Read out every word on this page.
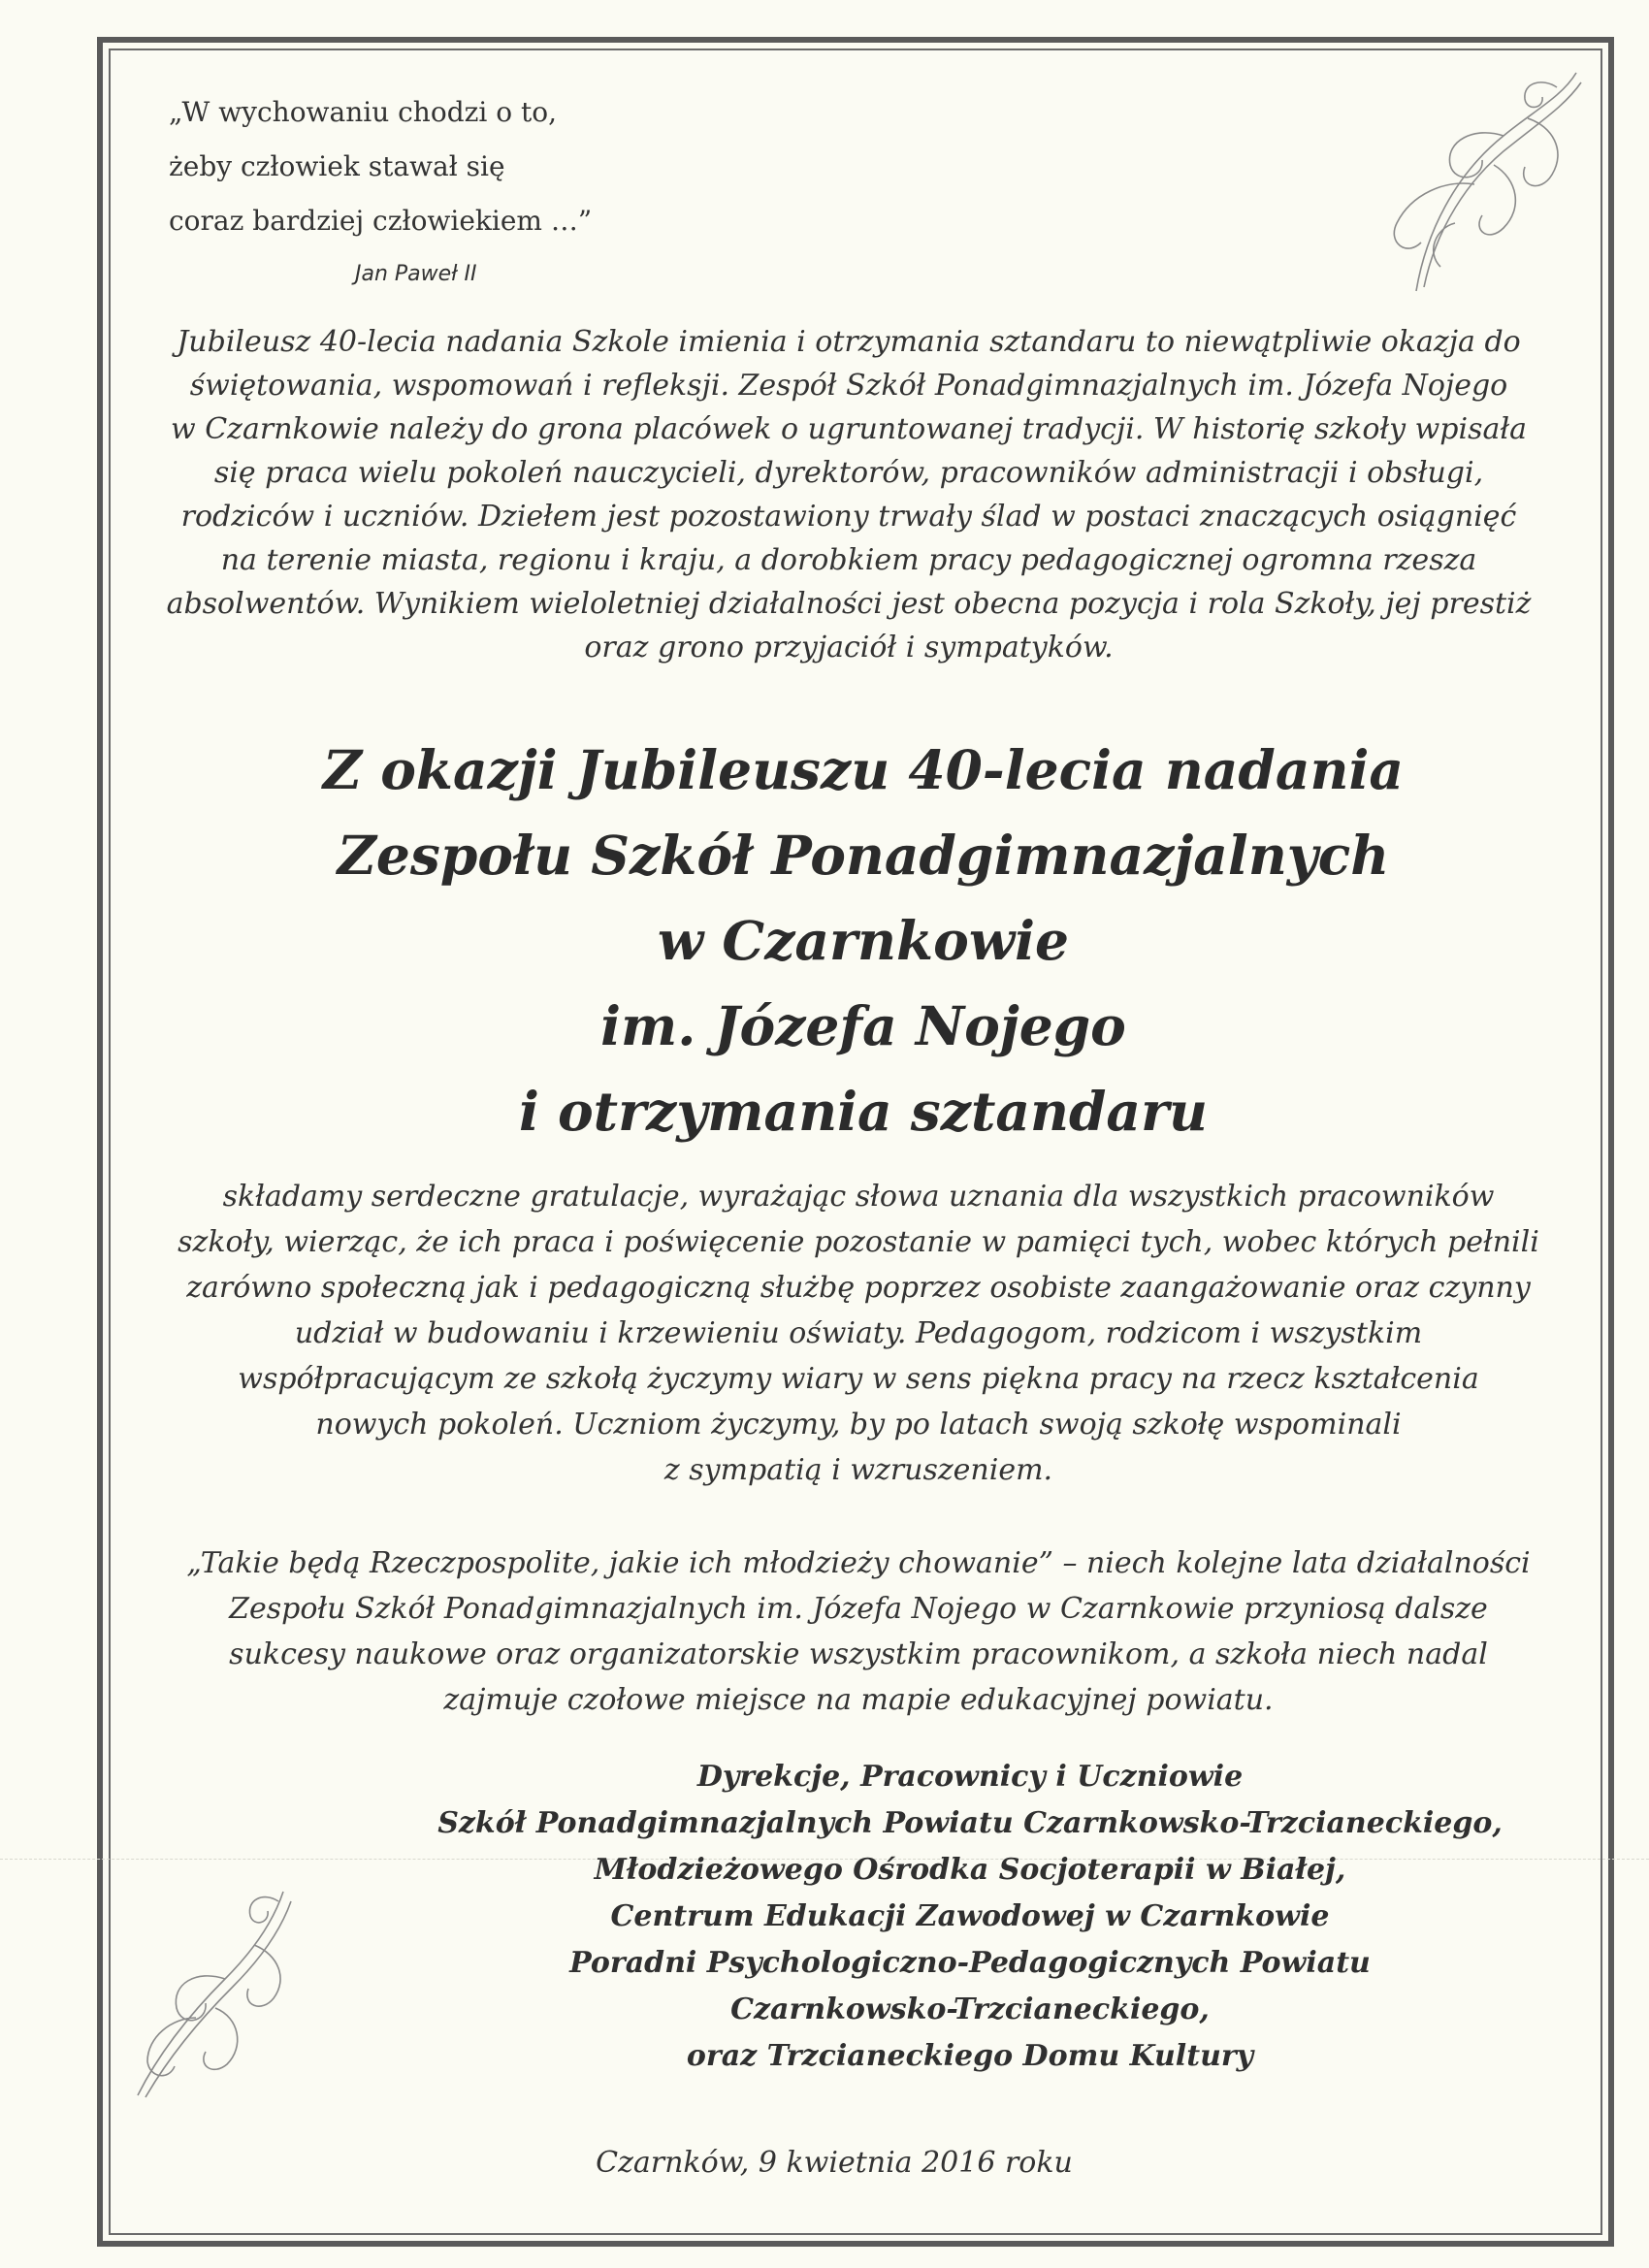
„W wychowaniu chodzi o to,
żeby człowiek stawał się
coraz bardziej człowiekiem …”
Jan Paweł II
Jubileusz 40-lecia nadania Szkole imienia i otrzymania sztandaru to niewątpliwie okazja do
świętowania, wspomowań i refleksji. Zespół Szkół Ponadgimnazjalnych im. Józefa Nojego
w Czarnkowie należy do grona placówek o ugruntowanej tradycji. W historię szkoły wpisała
się praca wielu pokoleń nauczycieli, dyrektorów, pracowników administracji i obsługi,
rodziców i uczniów. Dziełem jest pozostawiony trwały ślad w postaci znaczących osiągnięć
na terenie miasta, regionu i kraju, a dorobkiem pracy pedagogicznej ogromna rzesza
absolwentów. Wynikiem wieloletniej działalności jest obecna pozycja i rola Szkoły, jej prestiż
oraz grono przyjaciół i sympatyków.
Z okazji Jubileuszu 40-lecia nadania
Zespołu Szkół Ponadgimnazjalnych
w Czarnkowie
im. Józefa Nojego
i otrzymania sztandaru
składamy serdeczne gratulacje, wyrażając słowa uznania dla wszystkich pracowników
szkoły, wierząc, że ich praca i poświęcenie pozostanie w pamięci tych, wobec których pełnili
zarówno społeczną jak i pedagogiczną służbę poprzez osobiste zaangażowanie oraz czynny
udział w budowaniu i krzewieniu oświaty. Pedagogom, rodzicom i wszystkim
współpracującym ze szkołą życzymy wiary w sens piękna pracy na rzecz kształcenia
nowych pokoleń. Uczniom życzymy, by po latach swoją szkołę wspominali
z sympatią i wzruszeniem.
„Takie będą Rzeczpospolite, jakie ich młodzieży chowanie” – niech kolejne lata działalności
Zespołu Szkół Ponadgimnazjalnych im. Józefa Nojego w Czarnkowie przyniosą dalsze
sukcesy naukowe oraz organizatorskie wszystkim pracownikom, a szkoła niech nadal
zajmuje czołowe miejsce na mapie edukacyjnej powiatu.
Dyrekcje, Pracownicy i Uczniowie
Szkół Ponadgimnazjalnych Powiatu Czarnkowsko-Trzcianeckiego,
Młodzieżowego Ośrodka Socjoterapii w Białej,
Centrum Edukacji Zawodowej w Czarnkowie
Poradni Psychologiczno-Pedagogicznych Powiatu
Czarnkowsko-Trzcianeckiego,
oraz Trzcianeckiego Domu Kultury
Czarnków, 9 kwietnia 2016 roku
